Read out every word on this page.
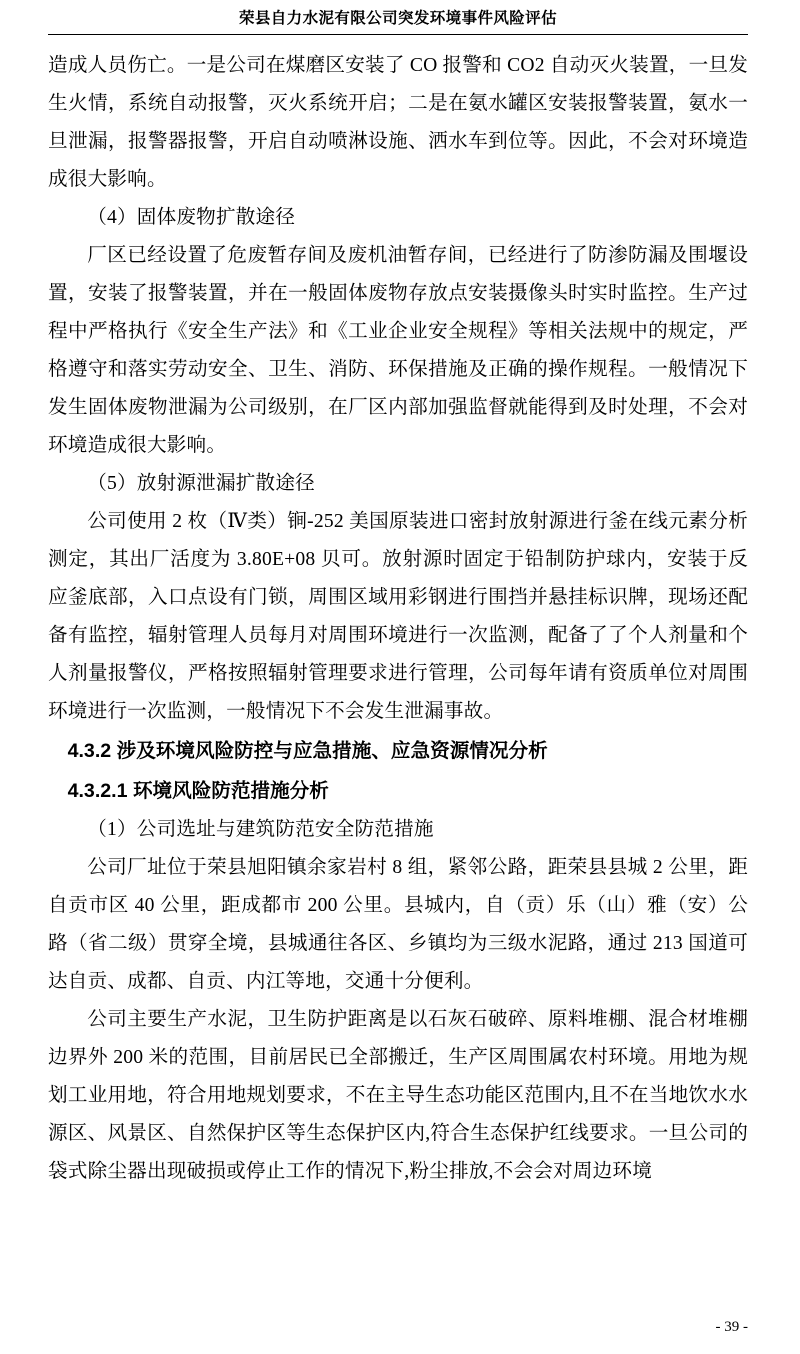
荣县自力水泥有限公司突发环境事件风险评估

造成人员伤亡。一是公司在煤磨区安装了 CO 报警和 CO2 自动灭火装置，一旦发生火情，系统自动报警，灭火系统开启；二是在氨水罐区安装报警装置，氨水一旦泄漏，报警器报警，开启自动喷淋设施、洒水车到位等。因此，不会对环境造成很大影响。

（4）固体废物扩散途径

厂区已经设置了危废暂存间及废机油暂存间，已经进行了防渗防漏及围堰设置，安装了报警装置，并在一般固体废物存放点安装摄像头时实时监控。生产过程中严格执行《安全生产法》和《工业企业安全规程》等相关法规中的规定，严格遵守和落实劳动安全、卫生、消防、环保措施及正确的操作规程。一般情况下发生固体废物泄漏为公司级别，在厂区内部加强监督就能得到及时处理，不会对环境造成很大影响。

（5）放射源泄漏扩散途径

公司使用 2 枚（Ⅳ类）锏-252 美国原装进口密封放射源进行釜在线元素分析测定，其出厂活度为 3.80E+08 贝可。放射源时固定于铅制防护球内，安装于反应釜底部，入口点设有门锁，周围区域用彩钢进行围挡并悬挂标识牌，现场还配备有监控，辐射管理人员每月对周围环境进行一次监测，配备了了个人剂量和个人剂量报警仪，严格按照辐射管理要求进行管理，公司每年请有资质单位对周围环境进行一次监测，一般情况下不会发生泄漏事故。

4.3.2 涉及环境风险防控与应急措施、应急资源情况分析

4.3.2.1 环境风险防范措施分析

（1）公司选址与建筑防范安全防范措施

公司厂址位于荣县旭阳镇余家岩村 8 组，紧邻公路，距荣县县城 2 公里，距自贡市区 40 公里，距成都市 200 公里。县城内，自（贡）乐（山）雅（安）公路（省二级）贯穿全境，县城通往各区、乡镇均为三级水泥路，通过 213 国道可达自贡、成都、自贡、内江等地，交通十分便利。

公司主要生产水泥，卫生防护距离是以石灰石破碎、原料堆棚、混合材堆棚边界外 200 米的范围，目前居民已全部搬迁，生产区周围属农村环境。用地为规划工业用地，符合用地规划要求，不在主导生态功能区范围内,且不在当地饮水水源区、风景区、自然保护区等生态保护区内,符合生态保护红线要求。一旦公司的袋式除尘器出现破损或停止工作的情况下,粉尘排放,不会会对周边环境

- 39 -
